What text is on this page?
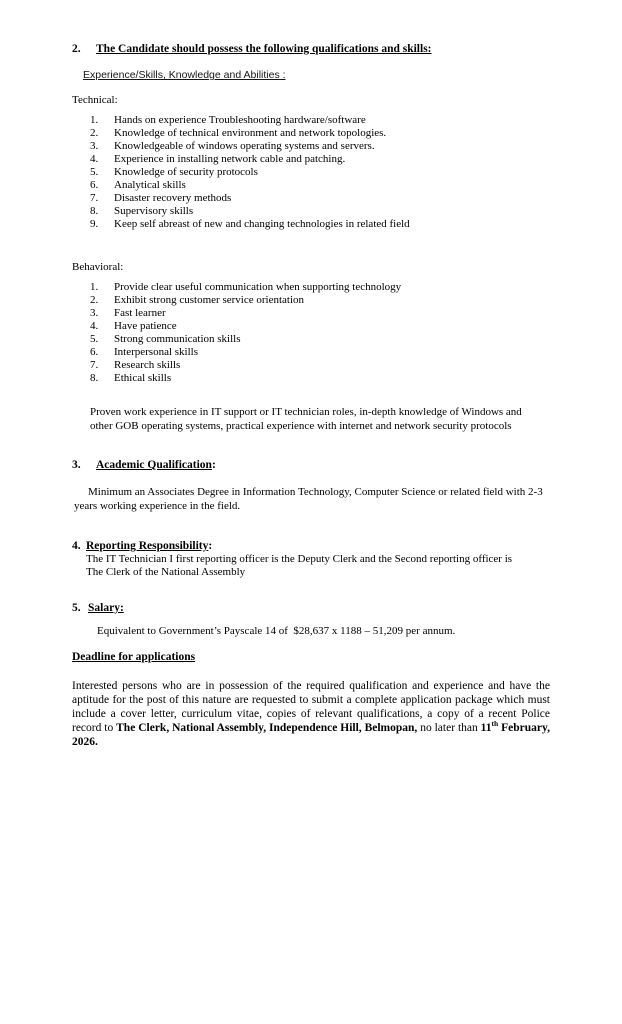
2.	The Candidate should possess the following qualifications and skills:
Experience/Skills, Knowledge and Abilities :
Technical:
1.	Hands on experience Troubleshooting hardware/software
2.	Knowledge of technical environment and network topologies.
3.	Knowledgeable of windows operating systems and servers.
4.	Experience in installing network cable and patching.
5.	Knowledge of security protocols
6.	Analytical skills
7.	Disaster recovery methods
8.	Supervisory skills
9.	Keep self abreast of new and changing technologies in related field
Behavioral:
1.	Provide clear useful communication when supporting technology
2.	Exhibit strong customer service orientation
3.	Fast learner
4.	Have patience
5.	Strong communication skills
6.	Interpersonal skills
7.	Research skills
8.	Ethical skills

Proven work experience in IT support or IT technician roles, in-depth knowledge of Windows and other GOB operating systems, practical experience with internet and network security protocols

3.	Academic Qualification:

Minimum an Associates Degree in Information Technology, Computer Science or related field with 2-3 years working experience in the field.

4. Reporting Responsibility:

The IT Technician I first reporting officer is the Deputy Clerk and the Second reporting officer is The Clerk of the National Assembly

5. Salary:

Equivalent to Government’s Payscale 14 of  $28,637 x 1188 – 51,209 per annum.

Deadline for applications

Interested persons who are in possession of the required qualification and experience and have the aptitude for the post of this nature are requested to submit a complete application package which must include a cover letter, curriculum vitae, copies of relevant qualifications, a copy of a recent Police record to The Clerk, National Assembly, Independence Hill, Belmopan, no later than 11th February, 2026.
